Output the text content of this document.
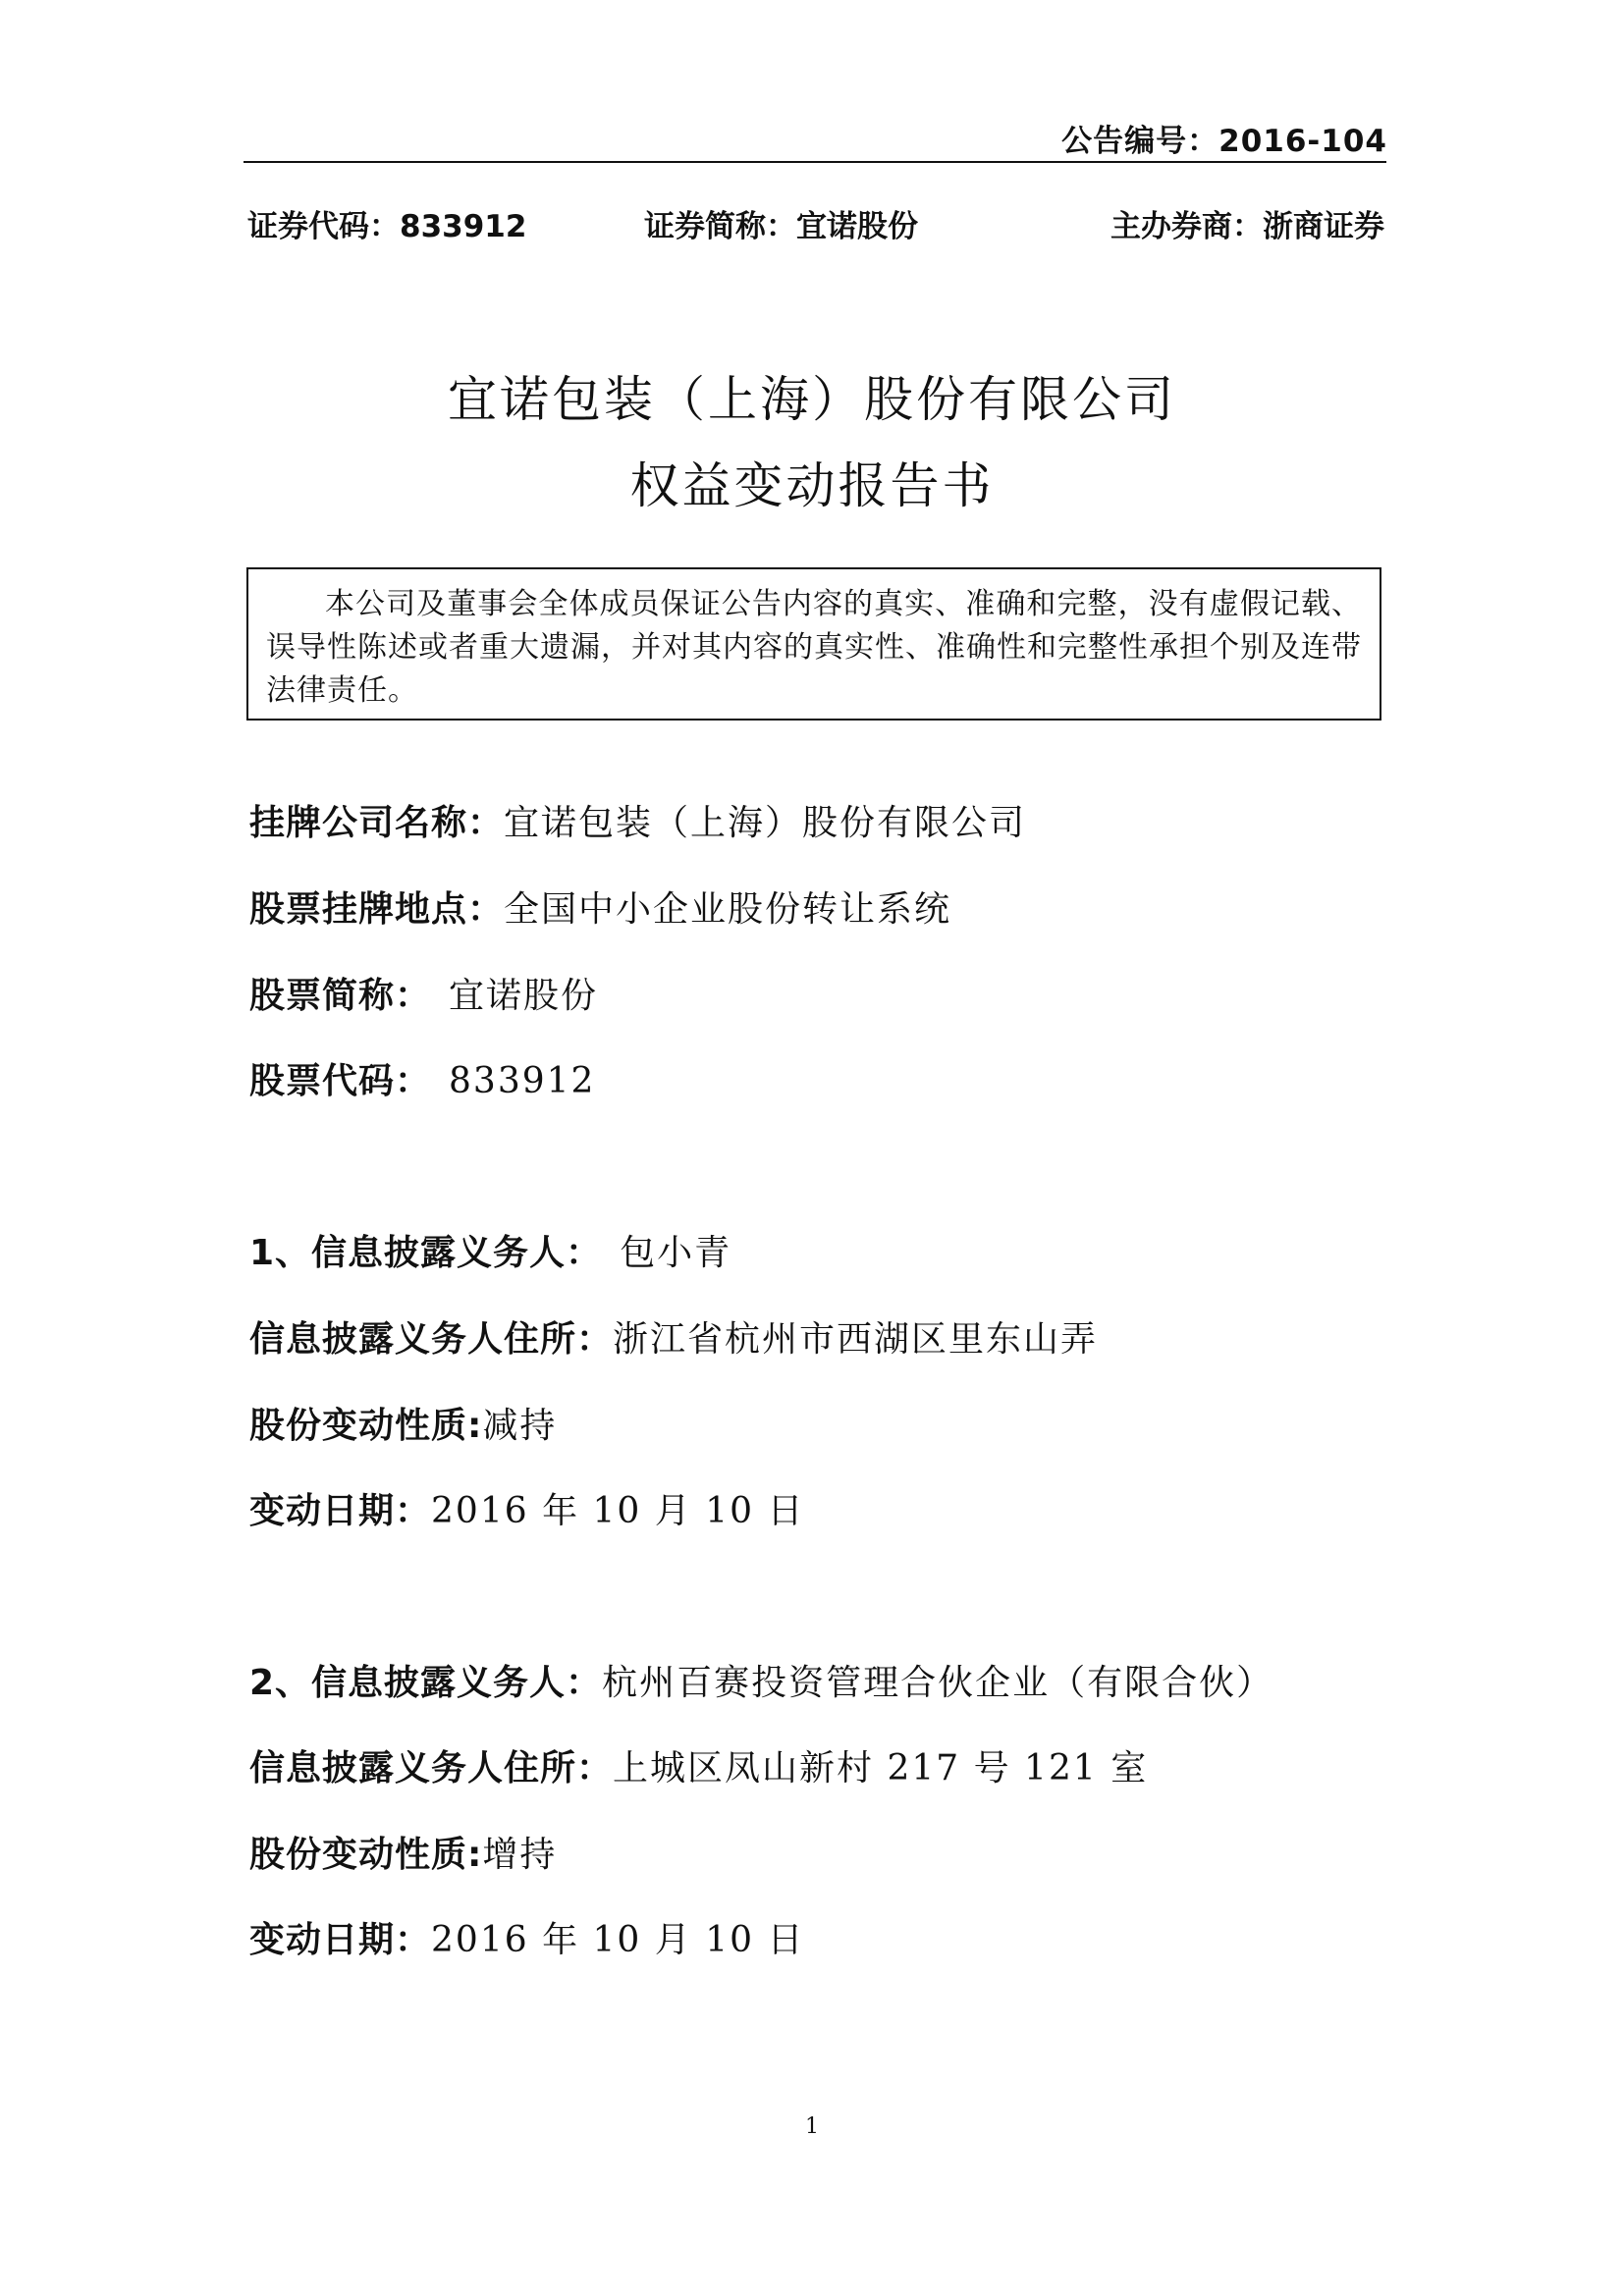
公告编号：2016-104
证券代码：833912	证券简称：宜诺股份	主办券商：浙商证券
宜诺包装（上海）股份有限公司
权益变动报告书
本公司及董事会全体成员保证公告内容的真实、准确和完整，没有虚假记载、误导性陈述或者重大遗漏，并对其内容的真实性、准确性和完整性承担个别及连带法律责任。
挂牌公司名称：宜诺包装（上海）股份有限公司
股票挂牌地点：全国中小企业股份转让系统
股票简称： 宜诺股份
股票代码： 833912
1、信息披露义务人： 包小青
信息披露义务人住所：浙江省杭州市西湖区里东山弄
股份变动性质:减持
变动日期：2016 年 10 月 10 日
2、信息披露义务人：杭州百赛投资管理合伙企业（有限合伙）
信息披露义务人住所：上城区凤山新村 217 号 121 室
股份变动性质:增持
变动日期：2016 年 10 月 10 日
1
